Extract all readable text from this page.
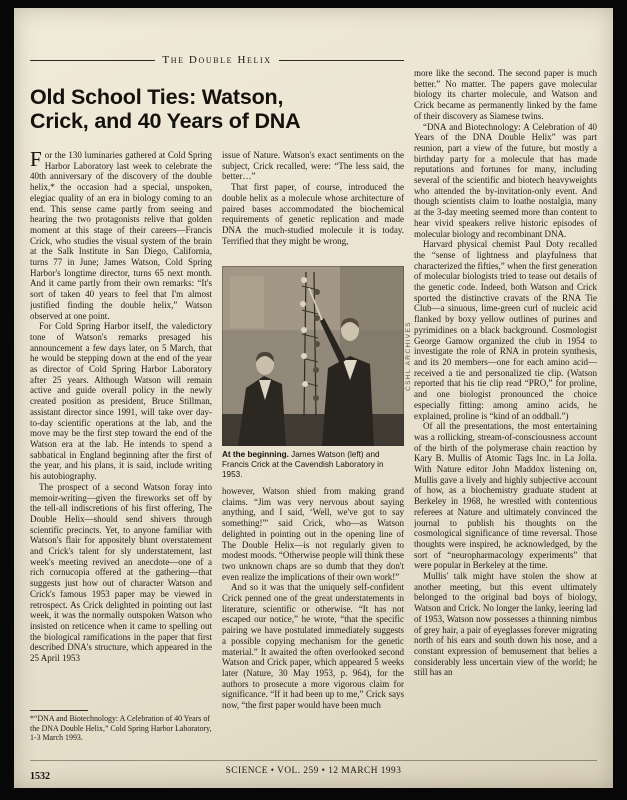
The Double Helix
Old School Ties: Watson,
Crick, and 40 Years of DNA

For the 130 luminaries gathered at Cold Spring Harbor Laboratory last week to celebrate the 40th anniversary of the discovery of the double helix,* the occasion had a special, unspoken, elegiac quality of an era in biology coming to an end. This sense came partly from seeing and hearing the two protagonists relive that golden moment at this stage of their careers—Francis Crick, who studies the visual system of the brain at the Salk Institute in San Diego, California, turns 77 in June; James Watson, Cold Spring Harbor's longtime director, turns 65 next month. And it came partly from their own remarks: “It's sort of taken 40 years to feel that I'm almost justified finding the double helix,” Watson observed at one point.

For Cold Spring Harbor itself, the valedictory tone of Watson's remarks presaged his announcement a few days later, on 5 March, that he would be stepping down at the end of the year as director of Cold Spring Harbor Laboratory after 25 years. Although Watson will remain active and guide overall policy in the newly created position as president, Bruce Stillman, assistant director since 1991, will take over day-to-day scientific operations at the lab, and the move may be the first step toward the end of the Watson era at the lab. He intends to spend a sabbatical in England beginning after the first of the year, and his plans, it is said, include writing his autobiography.

The prospect of a second Watson foray into memoir-writing—given the fireworks set off by the tell-all indiscretions of his first offering, The Double Helix—should send shivers through scientific precincts. Yet, to anyone familiar with Watson's flair for appositely blunt overstatement and Crick's talent for sly understatement, last week's meeting revived an anecdote—one of a rich cornucopia offered at the gathering—that suggests just how out of character Watson and Crick's famous 1953 paper may be viewed in retrospect. As Crick delighted in pointing out last week, it was the normally outspoken Watson who insisted on reticence when it came to spelling out the biological ramifications in the paper that first described DNA's structure, which appeared in the 25 April 1953

issue of Nature. Watson's exact sentiments on the subject, Crick recalled, were: “The less said, the better…”

That first paper, of course, introduced the double helix as a molecule whose architecture of paired bases accommodated the biochemical requirements of genetic replication and made DNA the much-studied molecule it is today. Terrified that they might be wrong,

CSHL ARCHIVES
At the beginning. James Watson (left) and Francis Crick at the Cavendish Laboratory in 1953.

however, Watson shied from making grand claims. “Jim was very nervous about saying anything, and I said, ‘Well, we've got to say something!'” said Crick, who—as Watson delighted in pointing out in the opening line of The Double Helix—is not regularly given to modest moods. “Otherwise people will think these two unknown chaps are so dumb that they don't even realize the implications of their own work!”

And so it was that the uniquely self-confident Crick penned one of the great understatements in literature, scientific or otherwise. “It has not escaped our notice,” he wrote, “that the specific pairing we have postulated immediately suggests a possible copying mechanism for the genetic material.” It awaited the often overlooked second Watson and Crick paper, which appeared 5 weeks later (Nature, 30 May 1953, p. 964), for the authors to prosecute a more vigorous claim for significance. “If it had been up to me,” Crick says now, “the first paper would have been much

more like the second. The second paper is much better.” No matter. The papers gave molecular biology its charter molecule, and Watson and Crick became as permanently linked by the fame of their discovery as Siamese twins.

“DNA and Biotechnology: A Celebration of 40 Years of the DNA Double Helix” was part reunion, part a view of the future, but mostly a birthday party for a molecule that has made reputations and fortunes for many, including several of the scientific and biotech heavyweights who attended the by-invitation-only event. And though scientists claim to loathe nostalgia, many at the 3-day meeting seemed more than content to hear vivid speakers relive historic episodes of molecular biology and recombinant DNA.

Harvard physical chemist Paul Doty recalled the “sense of lightness and playfulness that characterized the fifties,” when the first generation of molecular biologists tried to tease out details of the genetic code. Indeed, both Watson and Crick sported the distinctive cravats of the RNA Tie Club—a sinuous, lime-green curl of nucleic acid flanked by boxy yellow outlines of purines and pyrimidines on a black background. Cosmologist George Gamow organized the club in 1954 to investigate the role of RNA in protein synthesis, and its 20 members—one for each amino acid—received a tie and personalized tie clip. (Watson reported that his tie clip read “PRO,” for proline, and one biologist pronounced the choice especially fitting: among amino acids, he explained, proline is “kind of an oddball.”)

Of all the presentations, the most entertaining was a rollicking, stream-of-consciousness account of the birth of the polymerase chain reaction by Kary B. Mullis of Atomic Tags Inc. in La Jolla. With Nature editor John Maddox listening on, Mullis gave a lively and highly subjective account of how, as a biochemistry graduate student at Berkeley in 1968, he wrestled with contentious referees at Nature and ultimately convinced the journal to publish his thoughts on the cosmological significance of time reversal. Those thoughts were inspired, he acknowledged, by the sort of “neuropharmacology experiments” that were popular in Berkeley at the time.

Mullis' talk might have stolen the show at another meeting, but this event ultimately belonged to the original bad boys of biology, Watson and Crick. No longer the lanky, leering lad of 1953, Watson now possesses a thinning nimbus of grey hair, a pair of eyeglasses forever migrating north of his ears and south down his nose, and a constant expression of bemusement that belies a considerably less uncertain view of the world; he still has an

*“DNA and Biotechnology: A Celebration of 40 Years of the DNA Double Helix,” Cold Spring Harbor Laboratory, 1-3 March 1993.
1532	SCIENCE • VOL. 259 • 12 MARCH 1993
